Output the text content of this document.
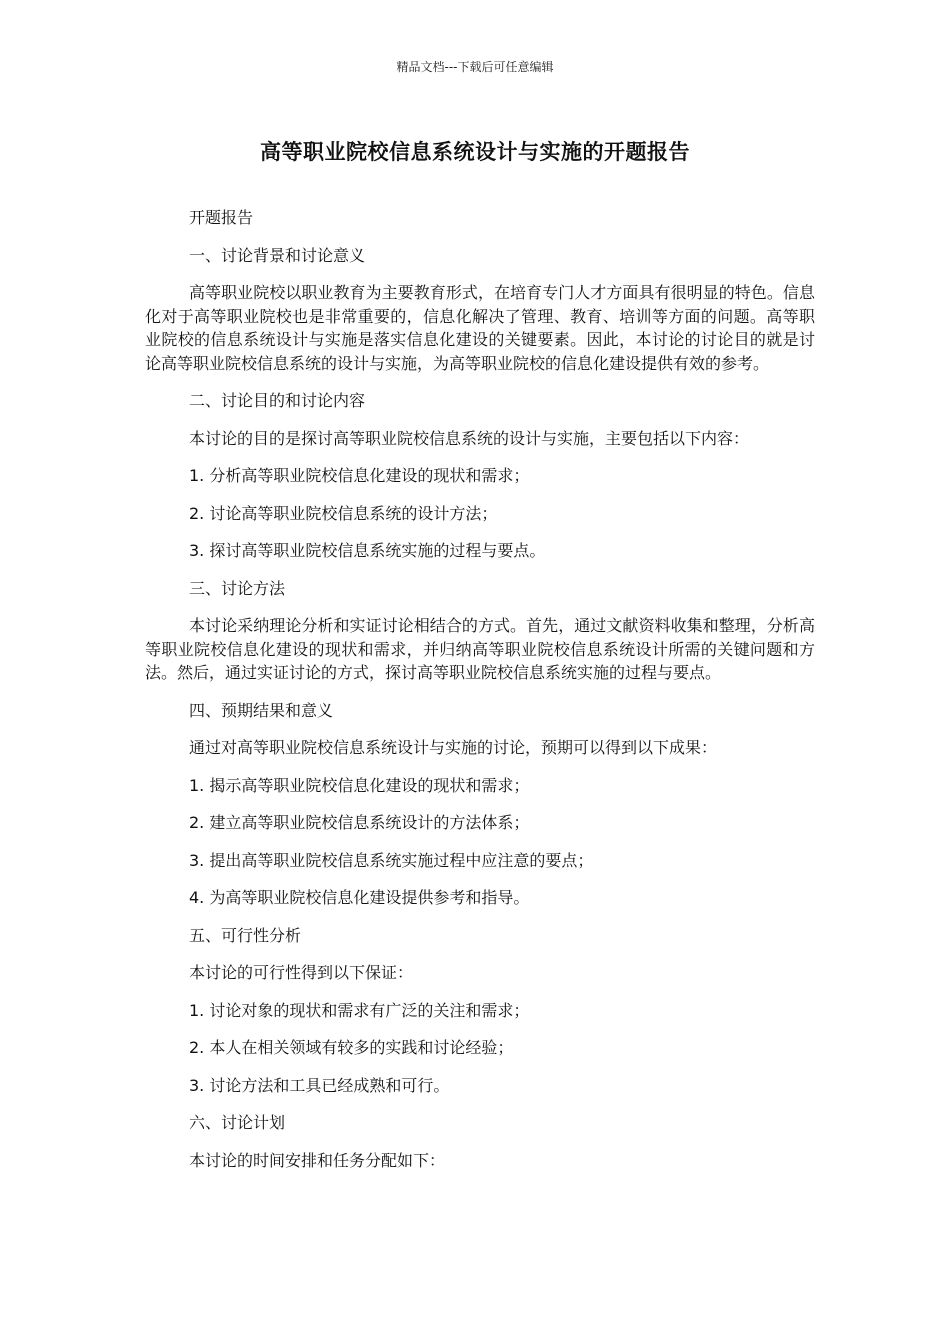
精品文档---下载后可任意编辑
高等职业院校信息系统设计与实施的开题报告

开题报告

一、讨论背景和讨论意义

高等职业院校以职业教育为主要教育形式，在培育专门人才方面具有很明显的特色。信息化对于高等职业院校也是非常重要的，信息化解决了管理、教育、培训等方面的问题。高等职业院校的信息系统设计与实施是落实信息化建设的关键要素。因此，本讨论的讨论目的就是讨论高等职业院校信息系统的设计与实施，为高等职业院校的信息化建设提供有效的参考。

二、讨论目的和讨论内容

本讨论的目的是探讨高等职业院校信息系统的设计与实施，主要包括以下内容：

1. 分析高等职业院校信息化建设的现状和需求；

2. 讨论高等职业院校信息系统的设计方法；

3. 探讨高等职业院校信息系统实施的过程与要点。

三、讨论方法

本讨论采纳理论分析和实证讨论相结合的方式。首先，通过文献资料收集和整理，分析高等职业院校信息化建设的现状和需求，并归纳高等职业院校信息系统设计所需的关键问题和方法。然后，通过实证讨论的方式，探讨高等职业院校信息系统实施的过程与要点。

四、预期结果和意义

通过对高等职业院校信息系统设计与实施的讨论，预期可以得到以下成果：

1. 揭示高等职业院校信息化建设的现状和需求；

2. 建立高等职业院校信息系统设计的方法体系；

3. 提出高等职业院校信息系统实施过程中应注意的要点；

4. 为高等职业院校信息化建设提供参考和指导。

五、可行性分析

本讨论的可行性得到以下保证：

1. 讨论对象的现状和需求有广泛的关注和需求；

2. 本人在相关领域有较多的实践和讨论经验；

3. 讨论方法和工具已经成熟和可行。

六、讨论计划

本讨论的时间安排和任务分配如下：
